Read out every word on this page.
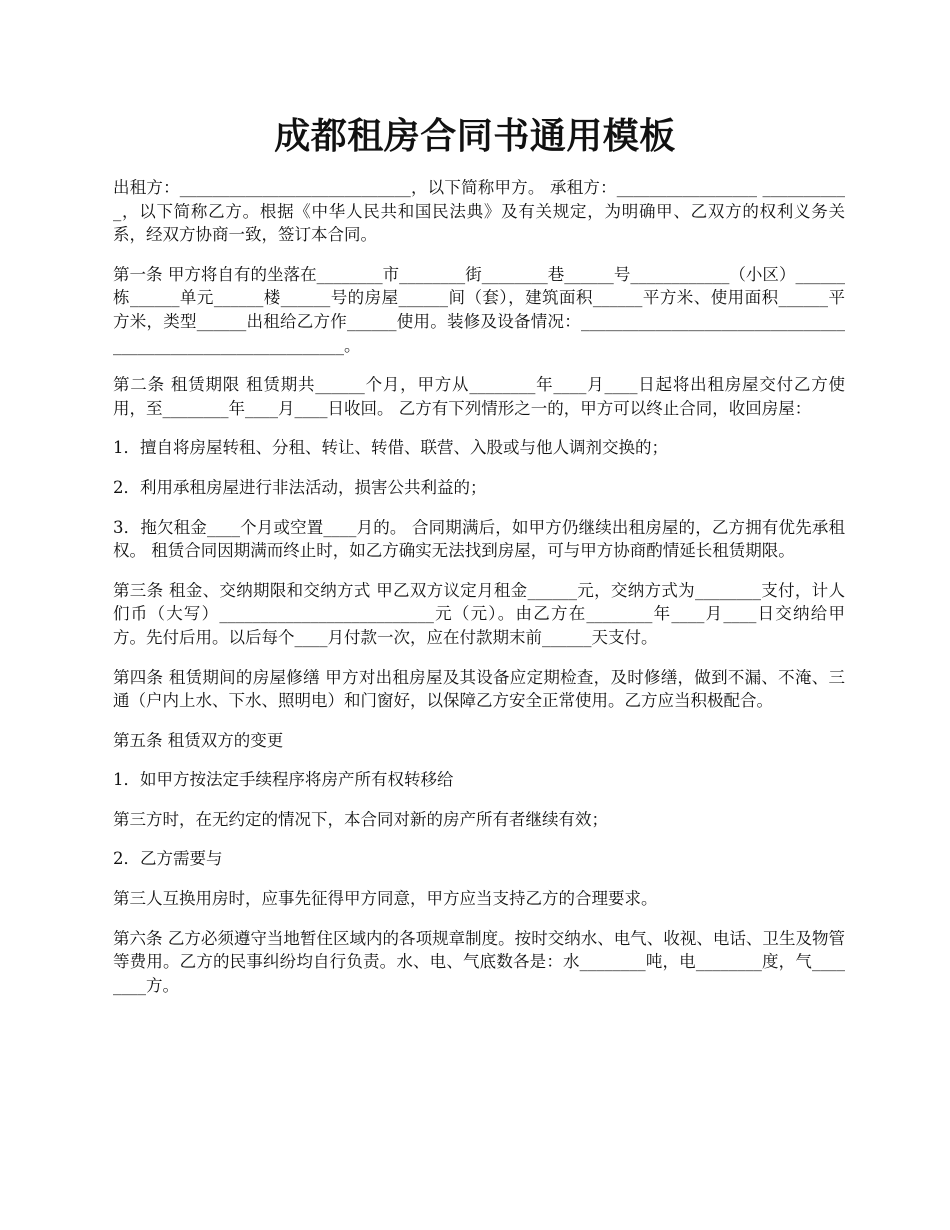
成都租房合同书通用模板

出租方：____________________________，以下简称甲方。 承租方：_________________ ___________，以下简称乙方。根据《中华人民共和国民法典》及有关规定，为明确甲、乙双方的权利义务关系，经双方协商一致，签订本合同。

第一条 甲方将自有的坐落在________市________街________巷______号____________（小区）______栋______单元______楼______号的房屋______间（套），建筑面积______平方米、使用面积______平方米，类型______出租给乙方作______使用。装修及设备情况：____________________________________________________________。

第二条 租赁期限 租赁期共______个月，甲方从________年____月____日起将出租房屋交付乙方使用，至________年____月____日收回。 乙方有下列情形之一的，甲方可以终止合同，收回房屋：

1．擅自将房屋转租、分租、转让、转借、联营、入股或与他人调剂交换的；

2．利用承租房屋进行非法活动，损害公共利益的；

3．拖欠租金____个月或空置____月的。 合同期满后，如甲方仍继续出租房屋的，乙方拥有优先承租权。 租赁合同因期满而终止时，如乙方确实无法找到房屋，可与甲方协商酌情延长租赁期限。

第三条 租金、交纳期限和交纳方式 甲乙双方议定月租金______元，交纳方式为________支付，计人们币（大写）__________________________元（元）。由乙方在________年____月____日交纳给甲方。先付后用。以后每个____月付款一次，应在付款期末前______天支付。

第四条 租赁期间的房屋修缮 甲方对出租房屋及其设备应定期检查，及时修缮，做到不漏、不淹、三通（户内上水、下水、照明电）和门窗好，以保障乙方安全正常使用。乙方应当积极配合。

第五条 租赁双方的变更

1．如甲方按法定手续程序将房产所有权转移给

第三方时，在无约定的情况下，本合同对新的房产所有者继续有效；

2．乙方需要与

第三人互换用房时，应事先征得甲方同意，甲方应当支持乙方的合理要求。

第六条 乙方必须遵守当地暂住区域内的各项规章制度。按时交纳水、电气、收视、电话、卫生及物管等费用。乙方的民事纠纷均自行负责。水、电、气底数各是：水________吨，电________度，气________方。
